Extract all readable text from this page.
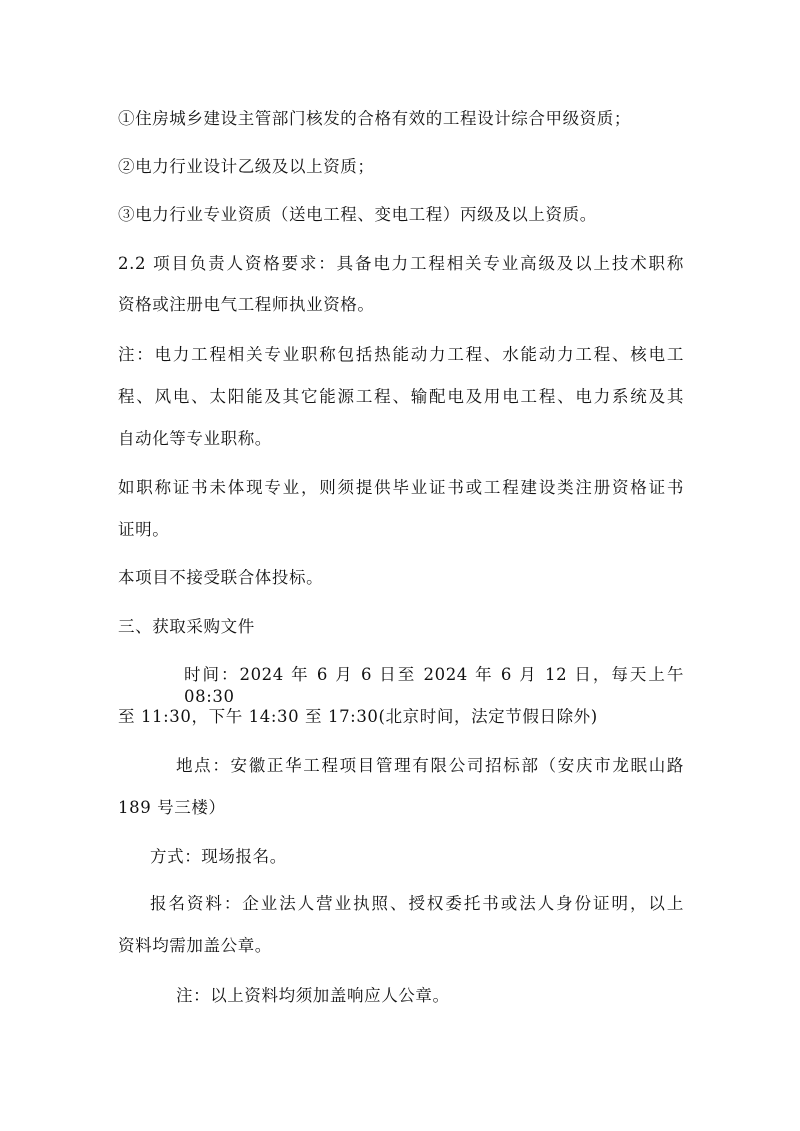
①住房城乡建设主管部门核发的合格有效的工程设计综合甲级资质；
②电力行业设计乙级及以上资质；
③电力行业专业资质（送电工程、变电工程）丙级及以上资质。
2.2 项目负责人资格要求：具备电力工程相关专业高级及以上技术职称
资格或注册电气工程师执业资格。
注：电力工程相关专业职称包括热能动力工程、水能动力工程、核电工
程、风电、太阳能及其它能源工程、输配电及用电工程、电力系统及其
自动化等专业职称。
如职称证书未体现专业，则须提供毕业证书或工程建设类注册资格证书
证明。
本项目不接受联合体投标。
三、获取采购文件
时间：2024 年 6 月 6 日至 2024 年 6 月 12 日，每天上午 08:30
至 11:30，下午 14:30 至 17:30(北京时间，法定节假日除外)
地点：安徽正华工程项目管理有限公司招标部（安庆市龙眠山路
189 号三楼）
方式：现场报名。
报名资料：企业法人营业执照、授权委托书或法人身份证明，以上
资料均需加盖公章。
注：以上资料均须加盖响应人公章。
